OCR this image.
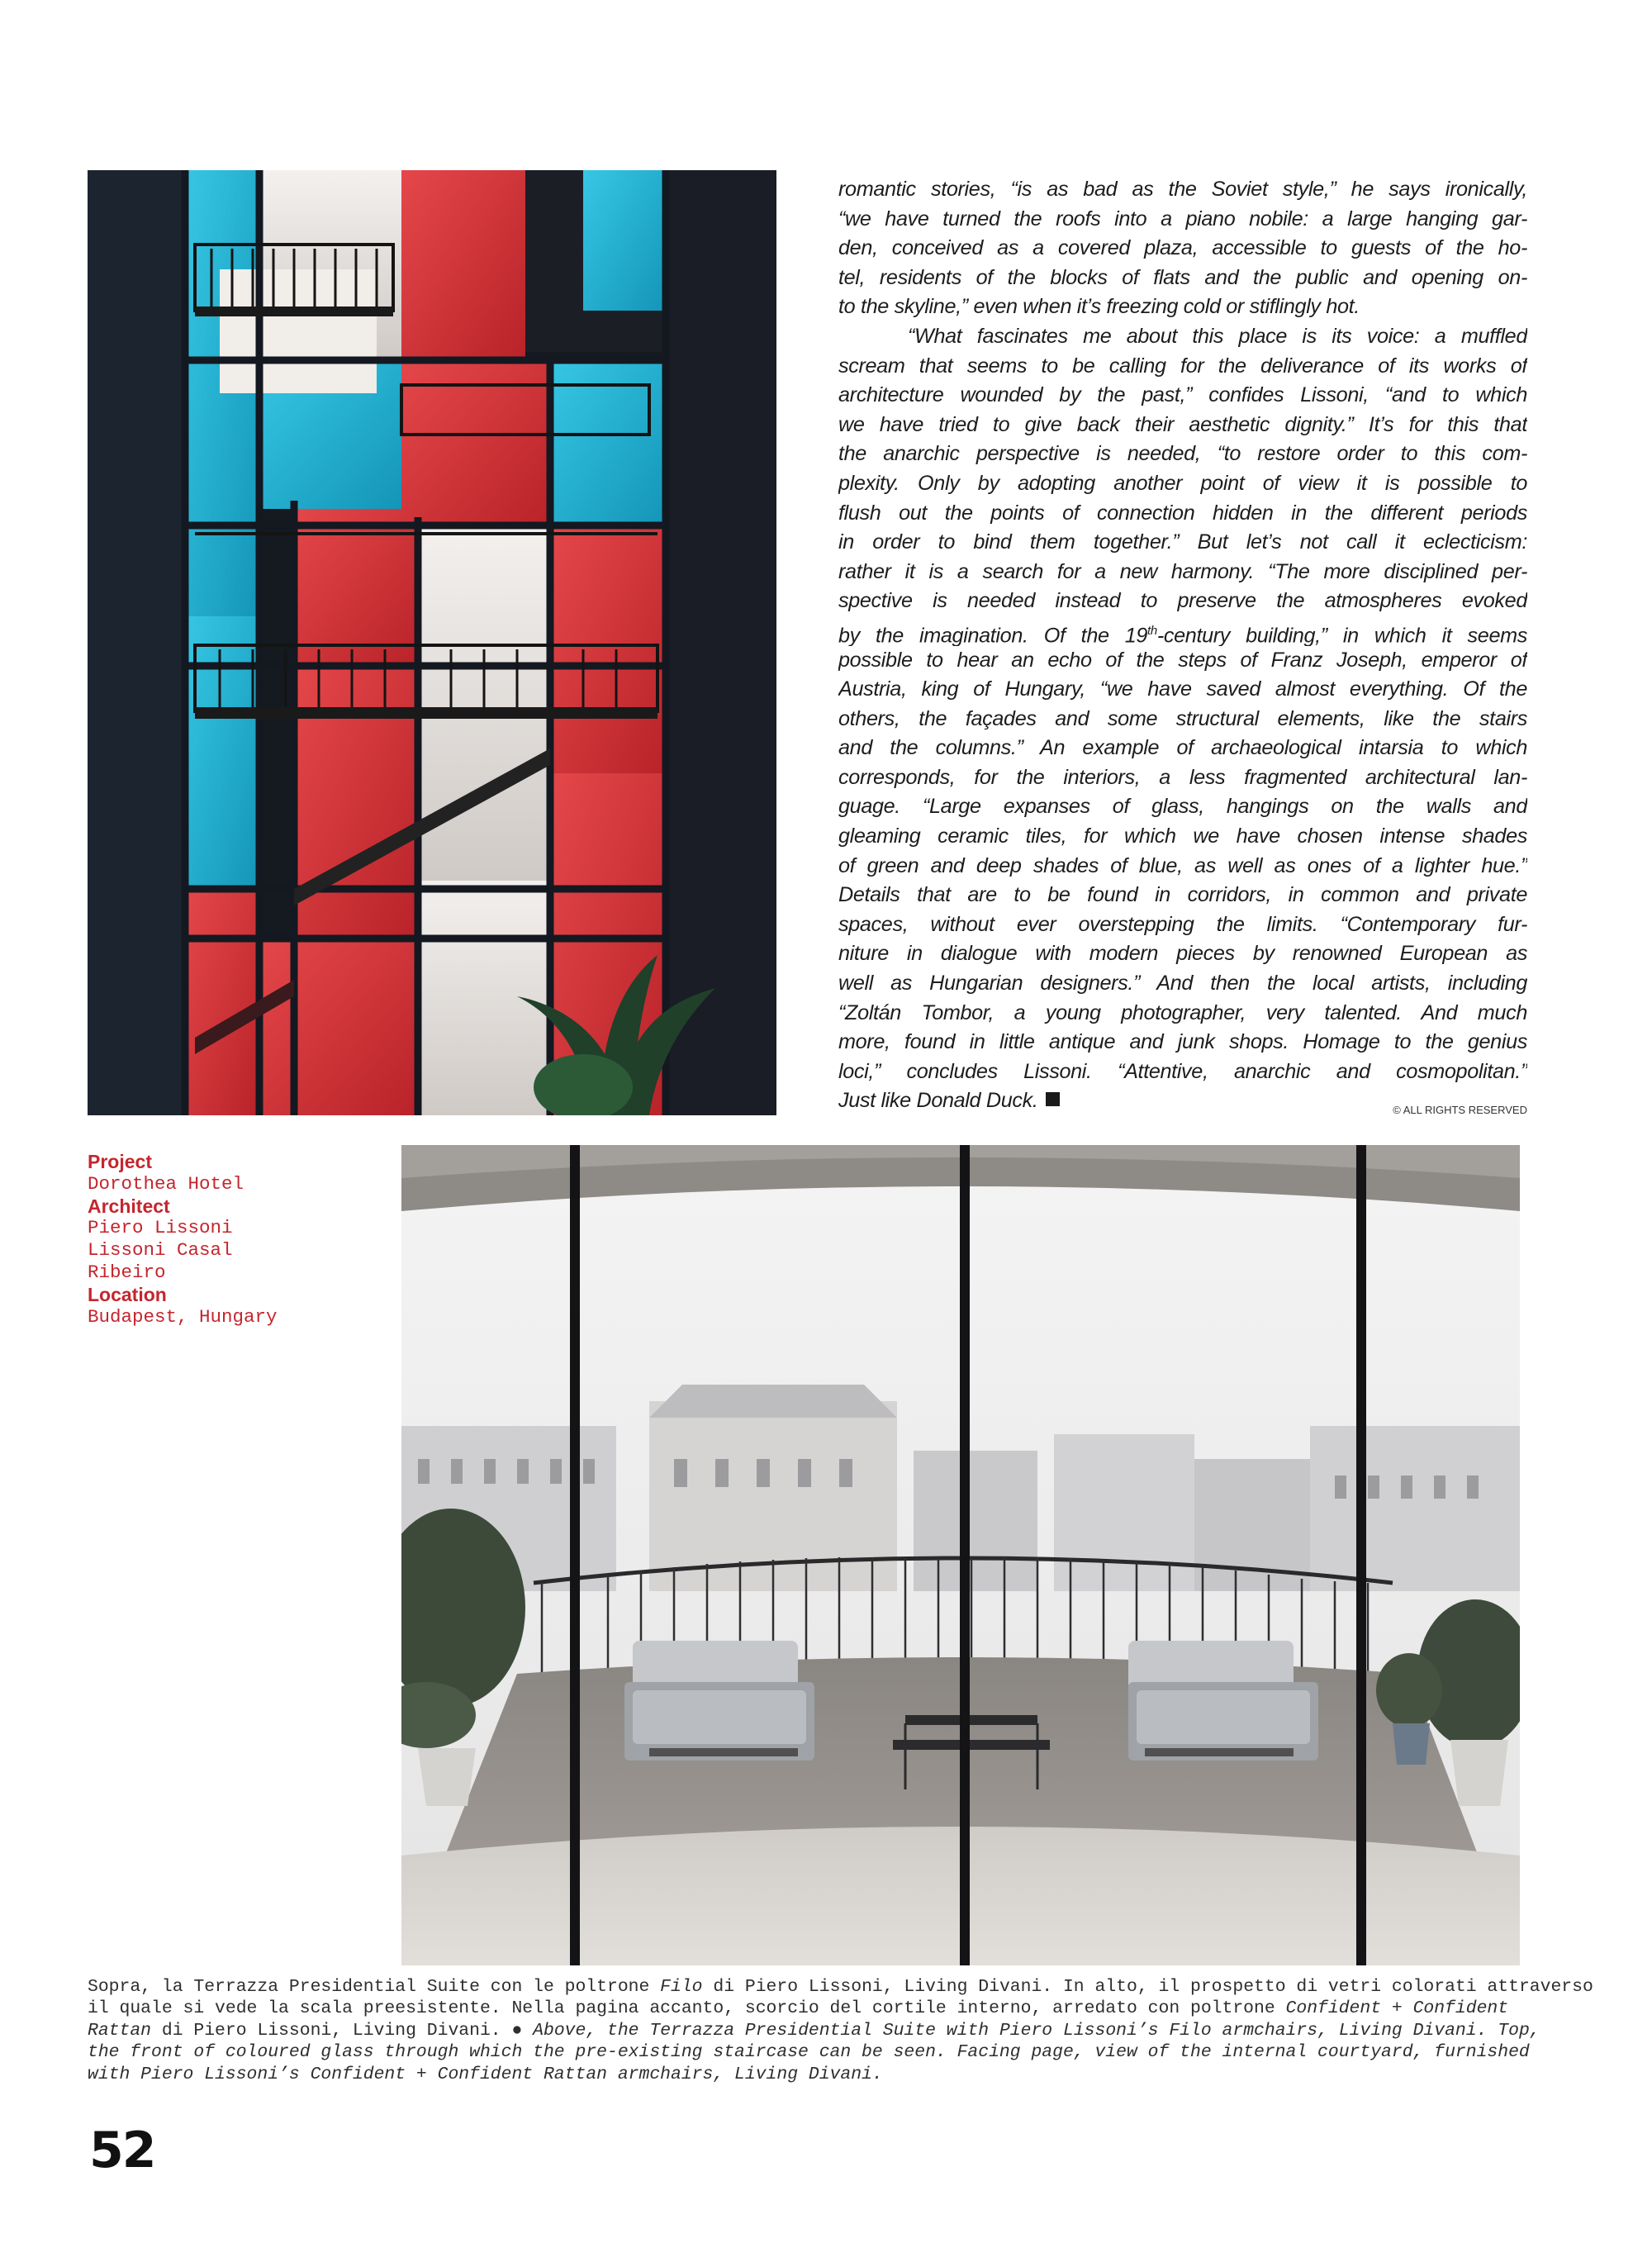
romantic stories, “is as bad as the Soviet style,” he says ironically,
“we have turned the roofs into a piano nobile: a large hanging gar-
den, conceived as a covered plaza, accessible to guests of the ho-
tel, residents of the blocks of flats and the public and opening on-
to the skyline,” even when it’s freezing cold or stiflingly hot.
“What fascinates me about this place is its voice: a muffled
scream that seems to be calling for the deliverance of its works of
architecture wounded by the past,” confides Lissoni, “and to which
we have tried to give back their aesthetic dignity.” It’s for this that
the anarchic perspective is needed, “to restore order to this com-
plexity. Only by adopting another point of view it is possible to
flush out the points of connection hidden in the different periods
in order to bind them together.” But let’s not call it eclecticism:
rather it is a search for a new harmony. “The more disciplined per-
spective is needed instead to preserve the atmospheres evoked
by the imagination. Of the 19th-century building,” in which it seems
possible to hear an echo of the steps of Franz Joseph, emperor of
Austria, king of Hungary, “we have saved almost everything. Of the
others, the façades and some structural elements, like the stairs
and the columns.” An example of archaeological intarsia to which
corresponds, for the interiors, a less fragmented architectural lan-
guage. “Large expanses of glass, hangings on the walls and
gleaming ceramic tiles, for which we have chosen intense shades
of green and deep shades of blue, as well as ones of a lighter hue.”
Details that are to be found in corridors, in common and private
spaces, without ever overstepping the limits. “Contemporary fur-
niture in dialogue with modern pieces by renowned European as
well as Hungarian designers.” And then the local artists, including
“Zoltán Tombor, a young photographer, very talented. And much
more, found in little antique and junk shops. Homage to the genius
loci,” concludes Lissoni. “Attentive, anarchic and cosmopolitan.”
Just like Donald Duck.	© ALL RIGHTS RESERVED
Project
Dorothea Hotel
Architect
Piero Lissoni
Lissoni Casal
Ribeiro
Location
Budapest, Hungary
Sopra, la Terrazza Presidential Suite con le poltrone Filo di Piero Lissoni, Living Divani. In alto, il prospetto di vetri colorati attraverso
il quale si vede la scala preesistente. Nella pagina accanto, scorcio del cortile interno, arredato con poltrone Confident + Confident
Rattan di Piero Lissoni, Living Divani. ● Above, the Terrazza Presidential Suite with Piero Lissoni’s Filo armchairs, Living Divani. Top,
the front of coloured glass through which the pre-existing staircase can be seen. Facing page, view of the internal courtyard, furnished
with Piero Lissoni’s Confident + Confident Rattan armchairs, Living Divani.
52
